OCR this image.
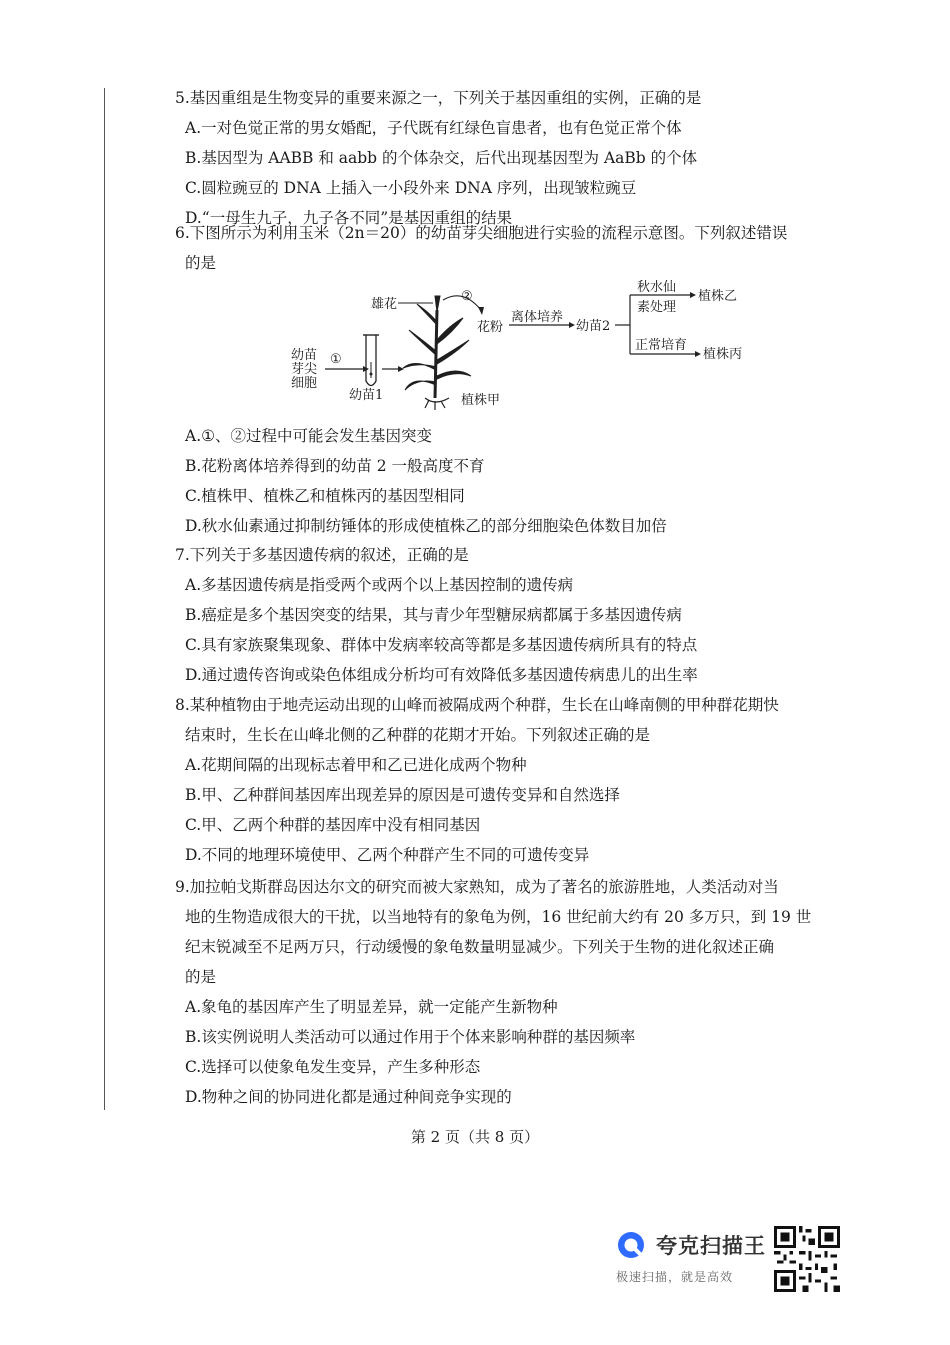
5.基因重组是生物变异的重要来源之一，下列关于基因重组的实例，正确的是
A.一对色觉正常的男女婚配，子代既有红绿色盲患者，也有色觉正常个体
B.基因型为 AABB 和 aabb 的个体杂交，后代出现基因型为 AaBb 的个体
C.圆粒豌豆的 DNA 上插入一小段外来 DNA 序列，出现皱粒豌豆
D.“一母生九子，九子各不同”是基因重组的结果
6.下图所示为利用玉米（2n＝20）的幼苗芽尖细胞进行实验的流程示意图。下列叙述错误
的是
幼苗
芽尖
细胞
①
幼苗1
雄花
②
植株甲
花粉
离体培养
幼苗2
秋水仙
素处理
植株乙
正常培育
植株丙
A.①、②过程中可能会发生基因突变
B.花粉离体培养得到的幼苗 2 一般高度不育
C.植株甲、植株乙和植株丙的基因型相同
D.秋水仙素通过抑制纺锤体的形成使植株乙的部分细胞染色体数目加倍
7.下列关于多基因遗传病的叙述，正确的是
A.多基因遗传病是指受两个或两个以上基因控制的遗传病
B.癌症是多个基因突变的结果，其与青少年型糖尿病都属于多基因遗传病
C.具有家族聚集现象、群体中发病率较高等都是多基因遗传病所具有的特点
D.通过遗传咨询或染色体组成分析均可有效降低多基因遗传病患儿的出生率
8.某种植物由于地壳运动出现的山峰而被隔成两个种群，生长在山峰南侧的甲种群花期快
结束时，生长在山峰北侧的乙种群的花期才开始。下列叙述正确的是
A.花期间隔的出现标志着甲和乙已进化成两个物种
B.甲、乙种群间基因库出现差异的原因是可遗传变异和自然选择
C.甲、乙两个种群的基因库中没有相同基因
D.不同的地理环境使甲、乙两个种群产生不同的可遗传变异
9.加拉帕戈斯群岛因达尔文的研究而被大家熟知，成为了著名的旅游胜地，人类活动对当
地的生物造成很大的干扰，以当地特有的象龟为例，16 世纪前大约有 20 多万只，到 19 世
纪末锐减至不足两万只，行动缓慢的象龟数量明显减少。下列关于生物的进化叙述正确
的是
A.象龟的基因库产生了明显差异，就一定能产生新物种
B.该实例说明人类活动可以通过作用于个体来影响种群的基因频率
C.选择可以使象龟发生变异，产生多种形态
D.物种之间的协同进化都是通过种间竞争实现的
第 2 页（共 8 页）
夸克扫描王
极速扫描，就是高效
